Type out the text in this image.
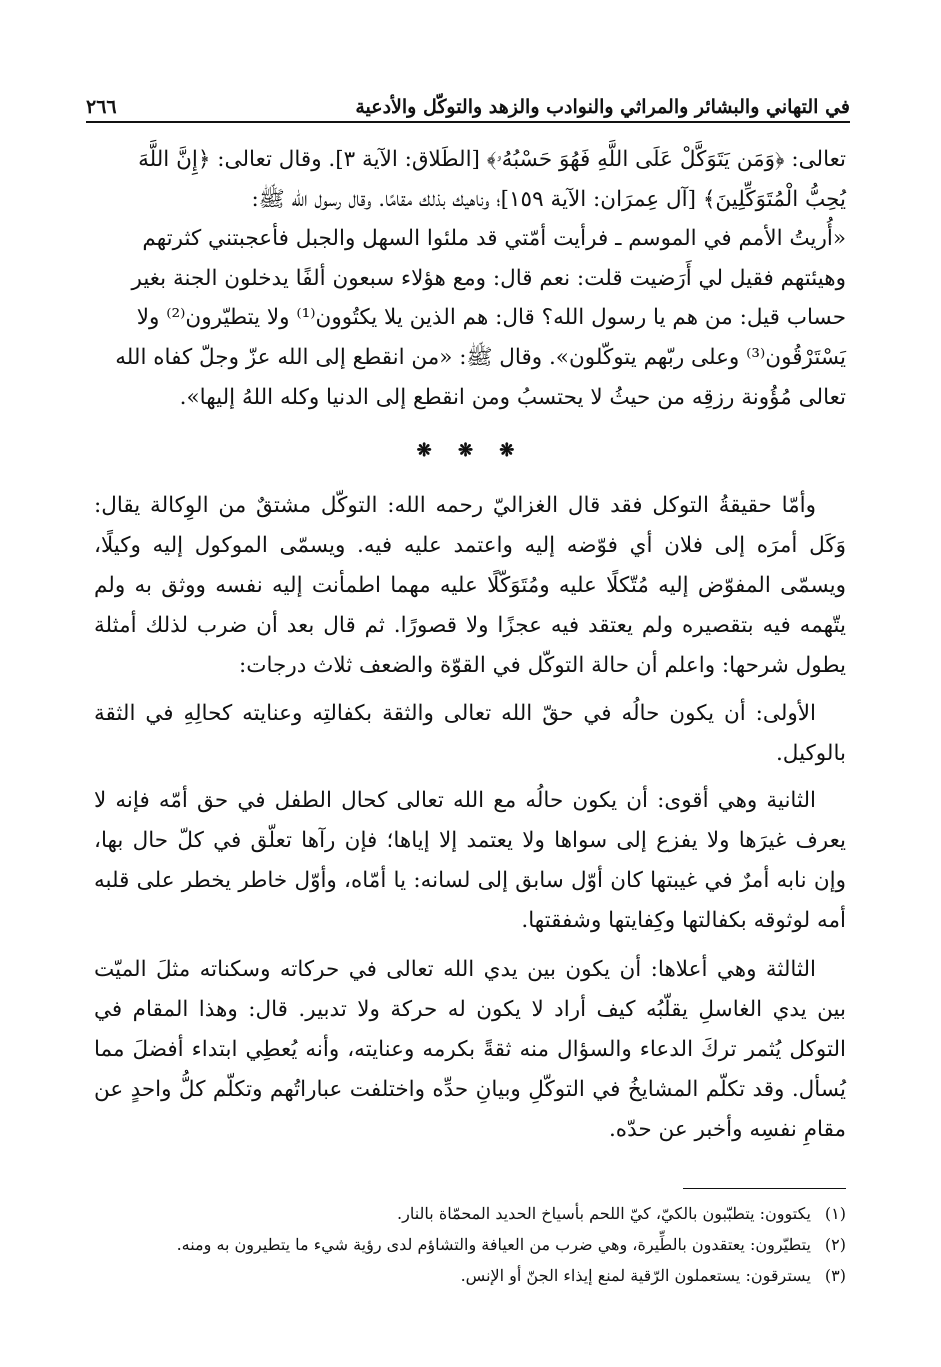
في التهاني والبشائر والمراثي والنوادب والزهد والتوكّل والأدعية
٢٦٦
تعالى: ﴿وَمَن يَتَوَكَّلْ عَلَى اللَّهِ فَهُوَ حَسْبُهُۥ﴾ [الطَلاق: الآية ٣]. وقال تعالى: ﴿إِنَّ اللَّهَ
يُحِبُّ الْمُتَوَكِّلِينَ﴾ [آل عِمرَان: الآية ١٥٩]؛ وناهيك بذلك مقامًا. وقال رسول الله ﷺ:
«أُريتُ الأمم في الموسم ـ فرأيت أمّتي قد ملئوا السهل والجبل فأعجبتني كثرتهم
وهيئتهم فقيل لي أَرَضيت قلت: نعم قال: ومع هؤلاء سبعون ألفًا يدخلون الجنة بغير
حساب قيل: من هم يا رسول الله؟ قال: هم الذين يلا يكتُوون⁽¹⁾ ولا يتطيّرون⁽²⁾ ولا
يَسْتَرْقُون⁽³⁾ وعلى ربّهم يتوكّلون». وقال ﷺ: «من انقطع إلى الله عزّ وجلّ كفاه الله
تعالى مُؤُونة رزقِه من حيثُ لا يحتسبُ ومن انقطع إلى الدنيا وكله اللهُ إليها».
❋ ❋ ❋
وأمّا حقيقةُ التوكل فقد قال الغزاليّ رحمه الله: التوكّل مشتقٌ من الوِكالة يقال: وَكَل أمرَه إلى فلان أي فوّضه إليه واعتمد عليه فيه. ويسمّى الموكول إليه وكيلًا، ويسمّى المفوّض إليه مُتّكلًا عليه ومُتَوَكّلًا عليه مهما اطمأنت إليه نفسه ووثق به ولم يتّهمه فيه بتقصيره ولم يعتقد فيه عجزًا ولا قصورًا. ثم قال بعد أن ضرب لذلك أمثلة يطول شرحها: واعلم أن حالة التوكّل في القوّة والضعف ثلاث درجات:
الأولى: أن يكون حالُه في حقّ الله تعالى والثقة بكفالتِه وعنايته كحالِهِ في الثقة بالوكيل.
الثانية وهي أقوى: أن يكون حالُه مع الله تعالى كحال الطفل في حق أمّه فإنه لا يعرف غيرَها ولا يفزع إلى سواها ولا يعتمد إلا إياها؛ فإن رآها تعلّق في كلّ حال بها، وإن نابه أمرٌ في غيبتها كان أوّل سابق إلى لسانه: يا أمّاه، وأوّل خاطر يخطر على قلبه أمه لوثوقه بكفالتها وكِفايتها وشفقتها.
الثالثة وهي أعلاها: أن يكون بين يدي الله تعالى في حركاته وسكناته مثلَ الميّت بين يدي الغاسلِ يقلّبُه كيف أراد لا يكون له حركة ولا تدبير. قال: وهذا المقام في التوكل يُثمر تركَ الدعاء والسؤال منه ثقةً بكرمه وعنايته، وأنه يُعطِي ابتداء أفضلَ مما يُسأل. وقد تكلّم المشايخُ في التوكّلِ وبيانِ حدِّه واختلفت عباراتُهم وتكلّم كلُّ واحدٍ عن مقامِ نفسِه وأخبر عن حدّه.
(١) يكتوون: يتطبّبون بالكيّ، كيّ اللحم بأسياخ الحديد المحمّاة بالنار.
(٢) يتطيّرون: يعتقدون بالطِّيرة، وهي ضرب من العيافة والتشاؤم لدى رؤية شيء ما يتطيرون به ومنه.
(٣) يسترقون: يستعملون الرّقية لمنع إيذاء الجنّ أو الإنس.
